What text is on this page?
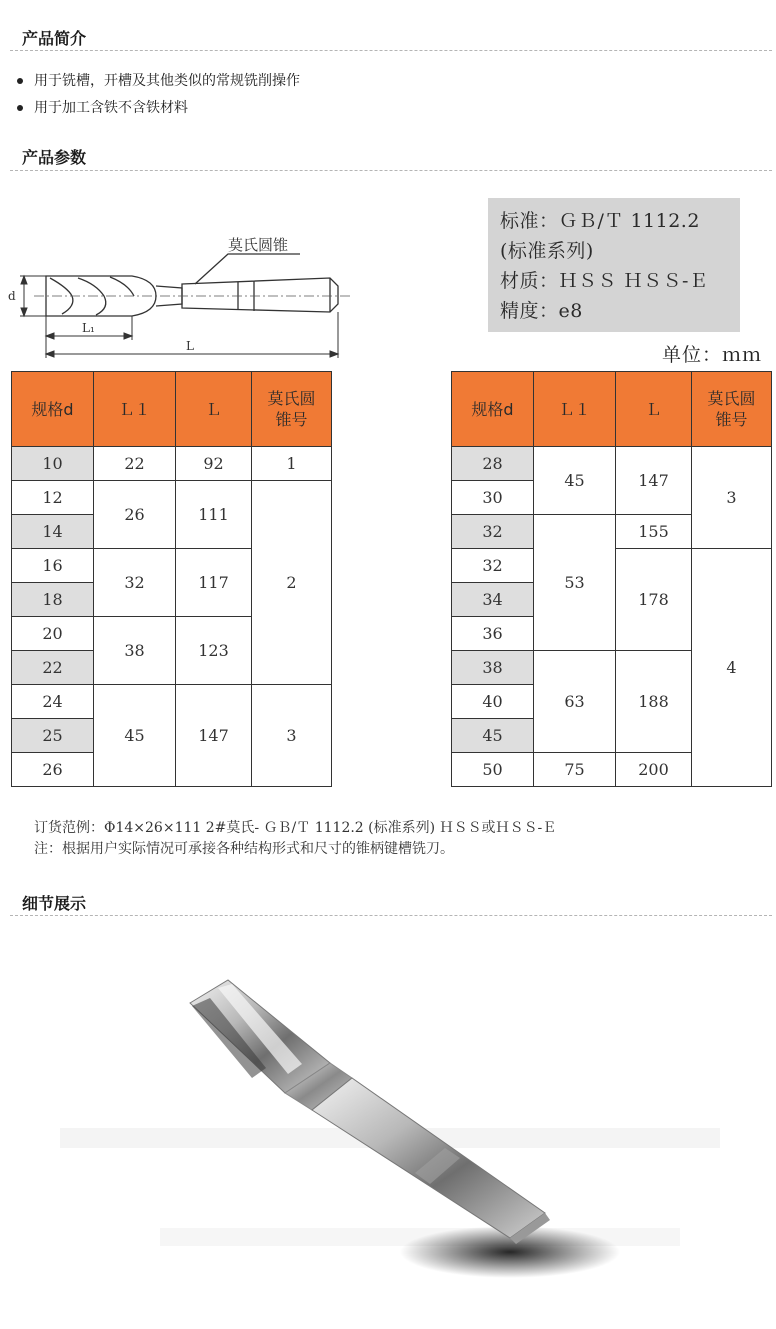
产品简介
用于铣槽，开槽及其他类似的常规铣削操作
用于加工含铁不含铁材料
产品参数
莫氏圆锥
d
L₁
L
标准：ＧＢ/Ｔ 1112.2
(标准系列)
材质：ＨＳＳ ＨＳＳ-Ｅ
精度：e8
单位：ｍｍ
规格d	Ｌ１	Ｌ	莫氏圆
锥号
10	22	92	1
12	26	111	2
14			
16	32	117	
18			
20	38	123	
22			
24	45	147	3
25			
26			
规格d	Ｌ１	Ｌ	莫氏圆
锥号
28	45	147	3
30			
32	53	155	
32		178	4
34			
36			
38	63	188	
40			
45			
50	75	200	
订货范例：Φ14×26×111 2#莫氏- ＧＢ/Ｔ 1112.2 (标准系列) ＨＳＳ或ＨＳＳ-Ｅ
注：根据用户实际情况可承接各种结构形式和尺寸的锥柄键槽铣刀。
细节展示
